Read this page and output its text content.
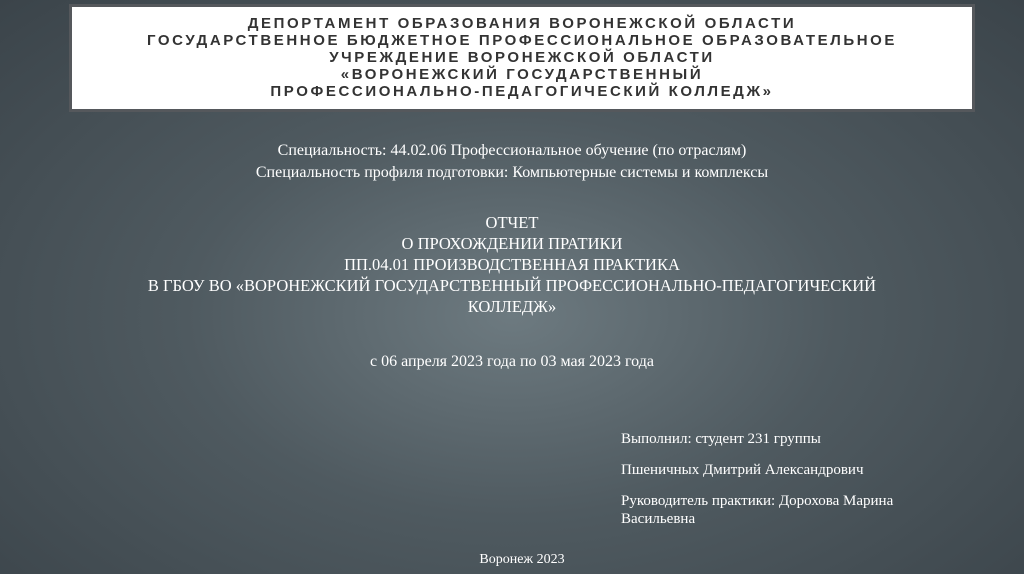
ДЕПОРТАМЕНТ ОБРАЗОВАНИЯ ВОРОНЕЖСКОЙ ОБЛАСТИ
ГОСУДАРСТВЕННОЕ БЮДЖЕТНОЕ ПРОФЕССИОНАЛЬНОЕ ОБРАЗОВАТЕЛЬНОЕ
УЧРЕЖДЕНИЕ ВОРОНЕЖСКОЙ ОБЛАСТИ
«ВОРОНЕЖСКИЙ ГОСУДАРСТВЕННЫЙ
ПРОФЕССИОНАЛЬНО-ПЕДАГОГИЧЕСКИЙ КОЛЛЕДЖ»
Специальность: 44.02.06 Профессиональное обучение (по отраслям)
Специальность профиля подготовки: Компьютерные системы и комплексы
ОТЧЕТ
О ПРОХОЖДЕНИИ ПРАТИКИ
ПП.04.01 ПРОИЗВОДСТВЕННАЯ ПРАКТИКА
В ГБОУ ВО «ВОРОНЕЖСКИЙ ГОСУДАРСТВЕННЫЙ ПРОФЕССИОНАЛЬНО-ПЕДАГОГИЧЕСКИЙ
КОЛЛЕДЖ»
с 06 апреля 2023 года по 03 мая 2023 года
Выполнил: студент 231 группы
Пшеничных Дмитрий Александрович
Руководитель практики: Дорохова Марина
Васильевна
Воронеж 2023
